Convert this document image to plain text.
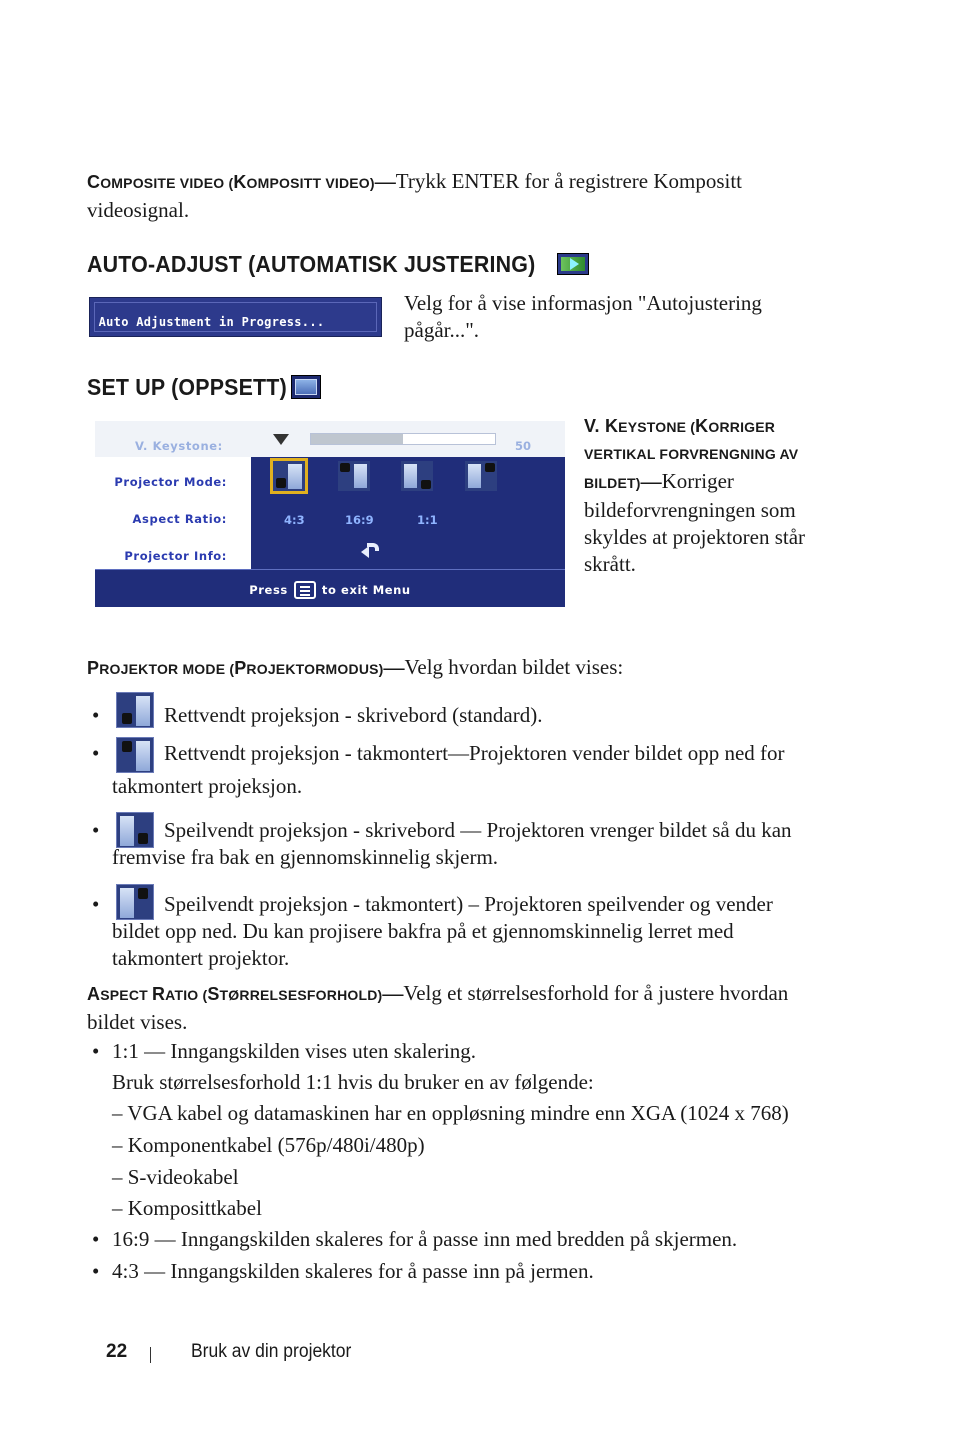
COMPOSITE VIDEO (KOMPOSITT VIDEO)—Trykk ENTER for å registrere Kompositt
videosignal.
AUTO-ADJUST (AUTOMATISK JUSTERING)
Auto Adjustment in Progress...
Velg for å vise informasjon "Autojustering
pågår...".
SET UP (OPPSETT)
V. Keystone:	50
Projector Mode:
Aspect Ratio:
Projector Info:
4:3	16:9	1:1
Press	to exit Menu
V. KEYSTONE (KORRIGER
VERTIKAL FORVRENGNING AV
BILDET)—Korriger
bildeforvrengningen som
skyldes at projektoren står
skrått.
PROJEKTOR MODE (PROJEKTORMODUS)—Velg hvordan bildet vises:
•	Rettvendt projeksjon - skrivebord (standard).
•	Rettvendt projeksjon - takmontert—Projektoren vender bildet opp ned for
takmontert projeksjon.
•	Speilvendt projeksjon - skrivebord — Projektoren vrenger bildet så du kan
fremvise fra bak en gjennomskinnelig skjerm.
•	Speilvendt projeksjon - takmontert) – Projektoren speilvender og vender
bildet opp ned. Du kan projisere bakfra på et gjennomskinnelig lerret med
takmontert projektor.
ASPECT RATIO (STØRRELSESFORHOLD)—Velg et størrelsesforhold for å justere hvordan
bildet vises.
• 1:1 — Inngangskilden vises uten skalering.
Bruk størrelsesforhold 1:1 hvis du bruker en av følgende:
– VGA kabel og datamaskinen har en oppløsning mindre enn XGA (1024 x 768)
– Komponentkabel (576p/480i/480p)
– S-videokabel
– Komposittkabel
• 16:9 — Inngangskilden skaleres for å passe inn med bredden på skjermen.
• 4:3 — Inngangskilden skaleres for å passe inn på jermen.
22	Bruk av din projektor
